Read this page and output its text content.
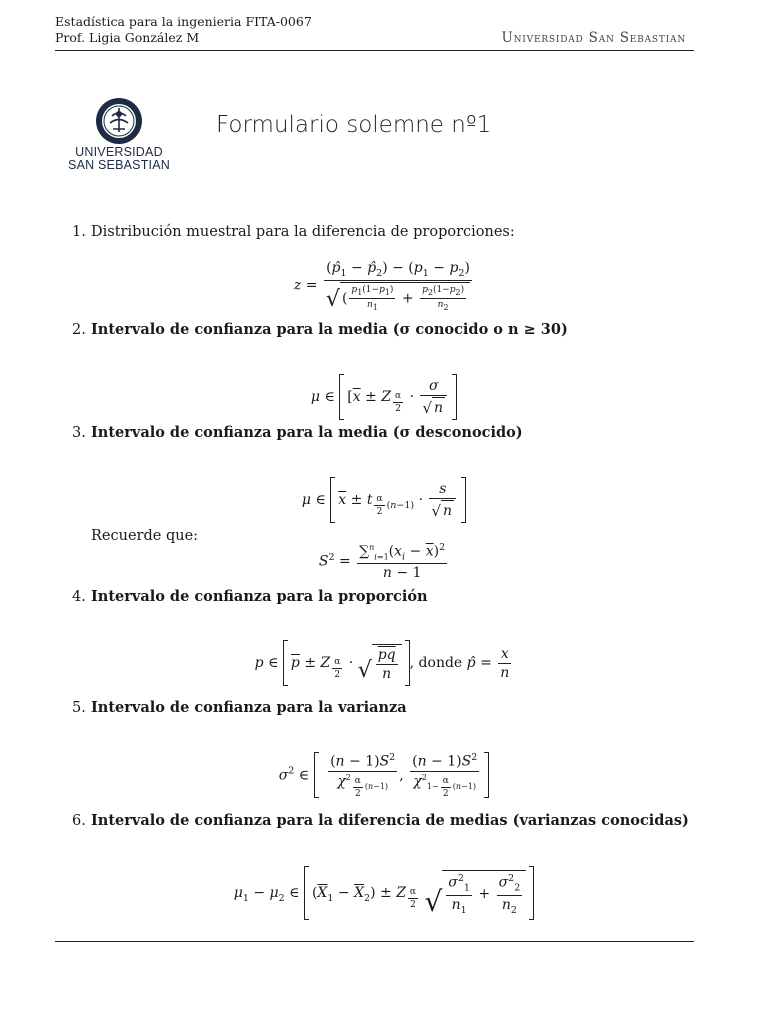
Estadística para la ingenieria FITA-0067
Prof. Ligia González M	Universidad San Sebastian
UNIVERSIDAD
SAN SEBASTIAN
Formulario solemne nº1
1. Distribución muestral para la diferencia de proporciones:
$z = \frac{(p̂_1 - p̂_2) - (p_1 - p_2)}{√ ( \frac{p_1(1-p_1)}{n_1} + \frac{p_2(1-p_2)}{n_2}}$
2. Intervalo de confianza para la media (σ conocido o n ≥ 30)
μ ∈ [$\overline{x} \pm Z$ $_{\frac{\alpha}{2}} \cdot \frac{\sigma}{√ n}$
3. Intervalo de confianza para la media (σ desconocido)
μ ∈ $\overline{x} \pm t$ $_{\frac{\alpha}{2} (n-1)} \cdot \frac{s}{√ n}$
Recuerde que:
$S^2 = \frac{\sum^n_{i=1}(x_i - \overline{x})^2}{n - 1}$
4. Intervalo de confianza para la proporción
p ∈ $\overline{p} \pm Z$ $_{\frac{\alpha}{2}}$ · √ $\frac{pq}{n}$ , donde p̂ = $\frac{x}{n}$
5. Intervalo de confianza para la varianza
$\sigma^2$ ∈ $(n - 1)S^2$
$\chi^2$ $_{\frac{\alpha}{2} (n-1)}$ , $(n - 1)S^2$
$\chi^2_{1- \frac{\alpha}{2} (n-1)}$
6. Intervalo de confianza para la diferencia de medias (varianzas conocidas)
$\mu_1 - \mu_2$ ∈ $(\overline{X}_1 - \overline{X}_2) \pm Z$ $_{\frac{\alpha}{2}}$ √ $\frac{\sigma^2_1}{n_1} + \frac{\sigma^2_2}{n_2}$
